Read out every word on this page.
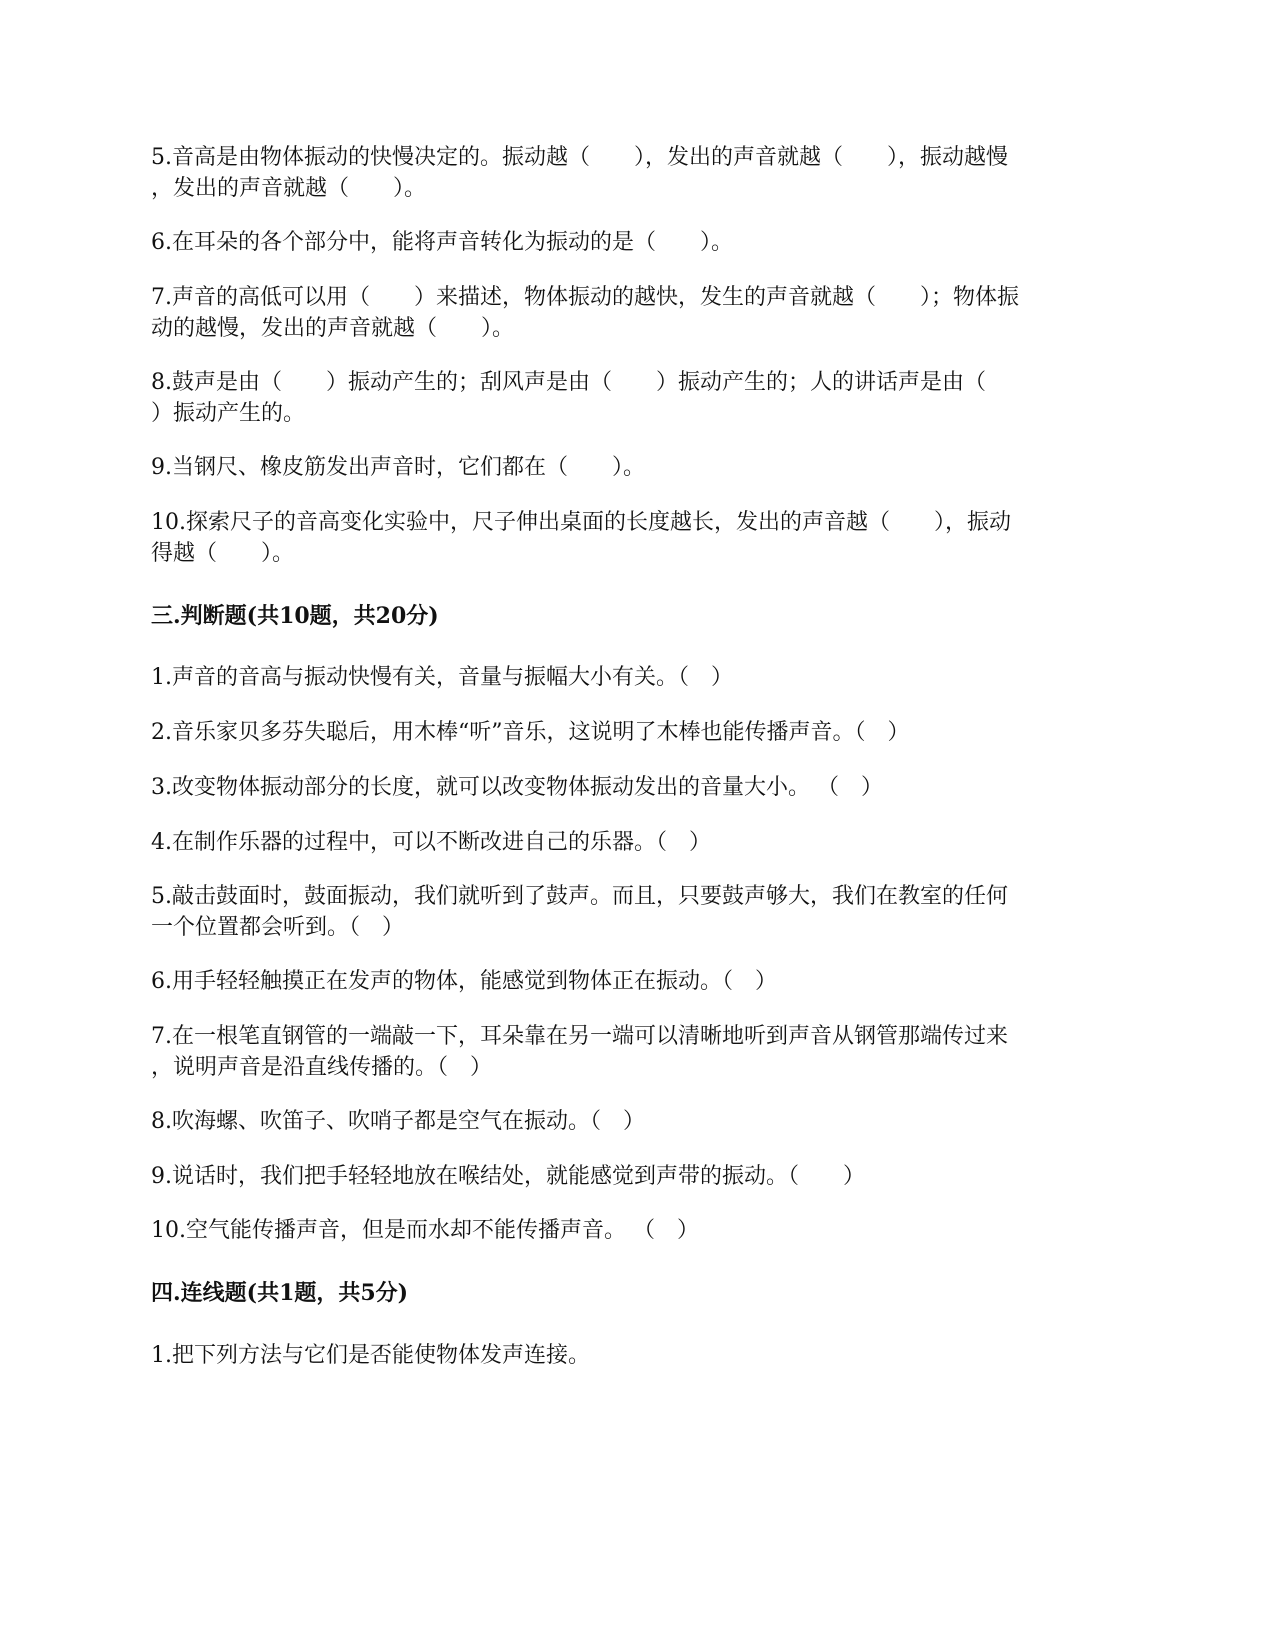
5.音高是由物体振动的快慢决定的。振动越（　　），发出的声音就越（　　），振动越慢
，发出的声音就越（　　）。
6.在耳朵的各个部分中，能将声音转化为振动的是（　　）。
7.声音的高低可以用（　　）来描述，物体振动的越快，发生的声音就越（　　）；物体振
动的越慢，发出的声音就越（　　）。
8.鼓声是由（　　）振动产生的；刮风声是由（　　）振动产生的；人的讲话声是由（
）振动产生的。
9.当钢尺、橡皮筋发出声音时，它们都在（　　）。
10.探索尺子的音高变化实验中，尺子伸出桌面的长度越长，发出的声音越（　　），振动
得越（　　）。
三.判断题(共10题，共20分)
1.声音的音高与振动快慢有关，音量与振幅大小有关。（　）
2.音乐家贝多芬失聪后，用木棒“听”音乐，这说明了木棒也能传播声音。（　）
3.改变物体振动部分的长度，就可以改变物体振动发出的音量大小。 （　）
4.在制作乐器的过程中，可以不断改进自己的乐器。（　）
5.敲击鼓面时，鼓面振动，我们就听到了鼓声。而且，只要鼓声够大，我们在教室的任何
一个位置都会听到。（　）
6.用手轻轻触摸正在发声的物体，能感觉到物体正在振动。（　）
7.在一根笔直钢管的一端敲一下，耳朵靠在另一端可以清晰地听到声音从钢管那端传过来
，说明声音是沿直线传播的。（　）
8.吹海螺、吹笛子、吹哨子都是空气在振动。（　）
9.说话时，我们把手轻轻地放在喉结处，就能感觉到声带的振动。（　　）
10.空气能传播声音，但是而水却不能传播声音。 （　）
四.连线题(共1题，共5分)
1.把下列方法与它们是否能使物体发声连接。
